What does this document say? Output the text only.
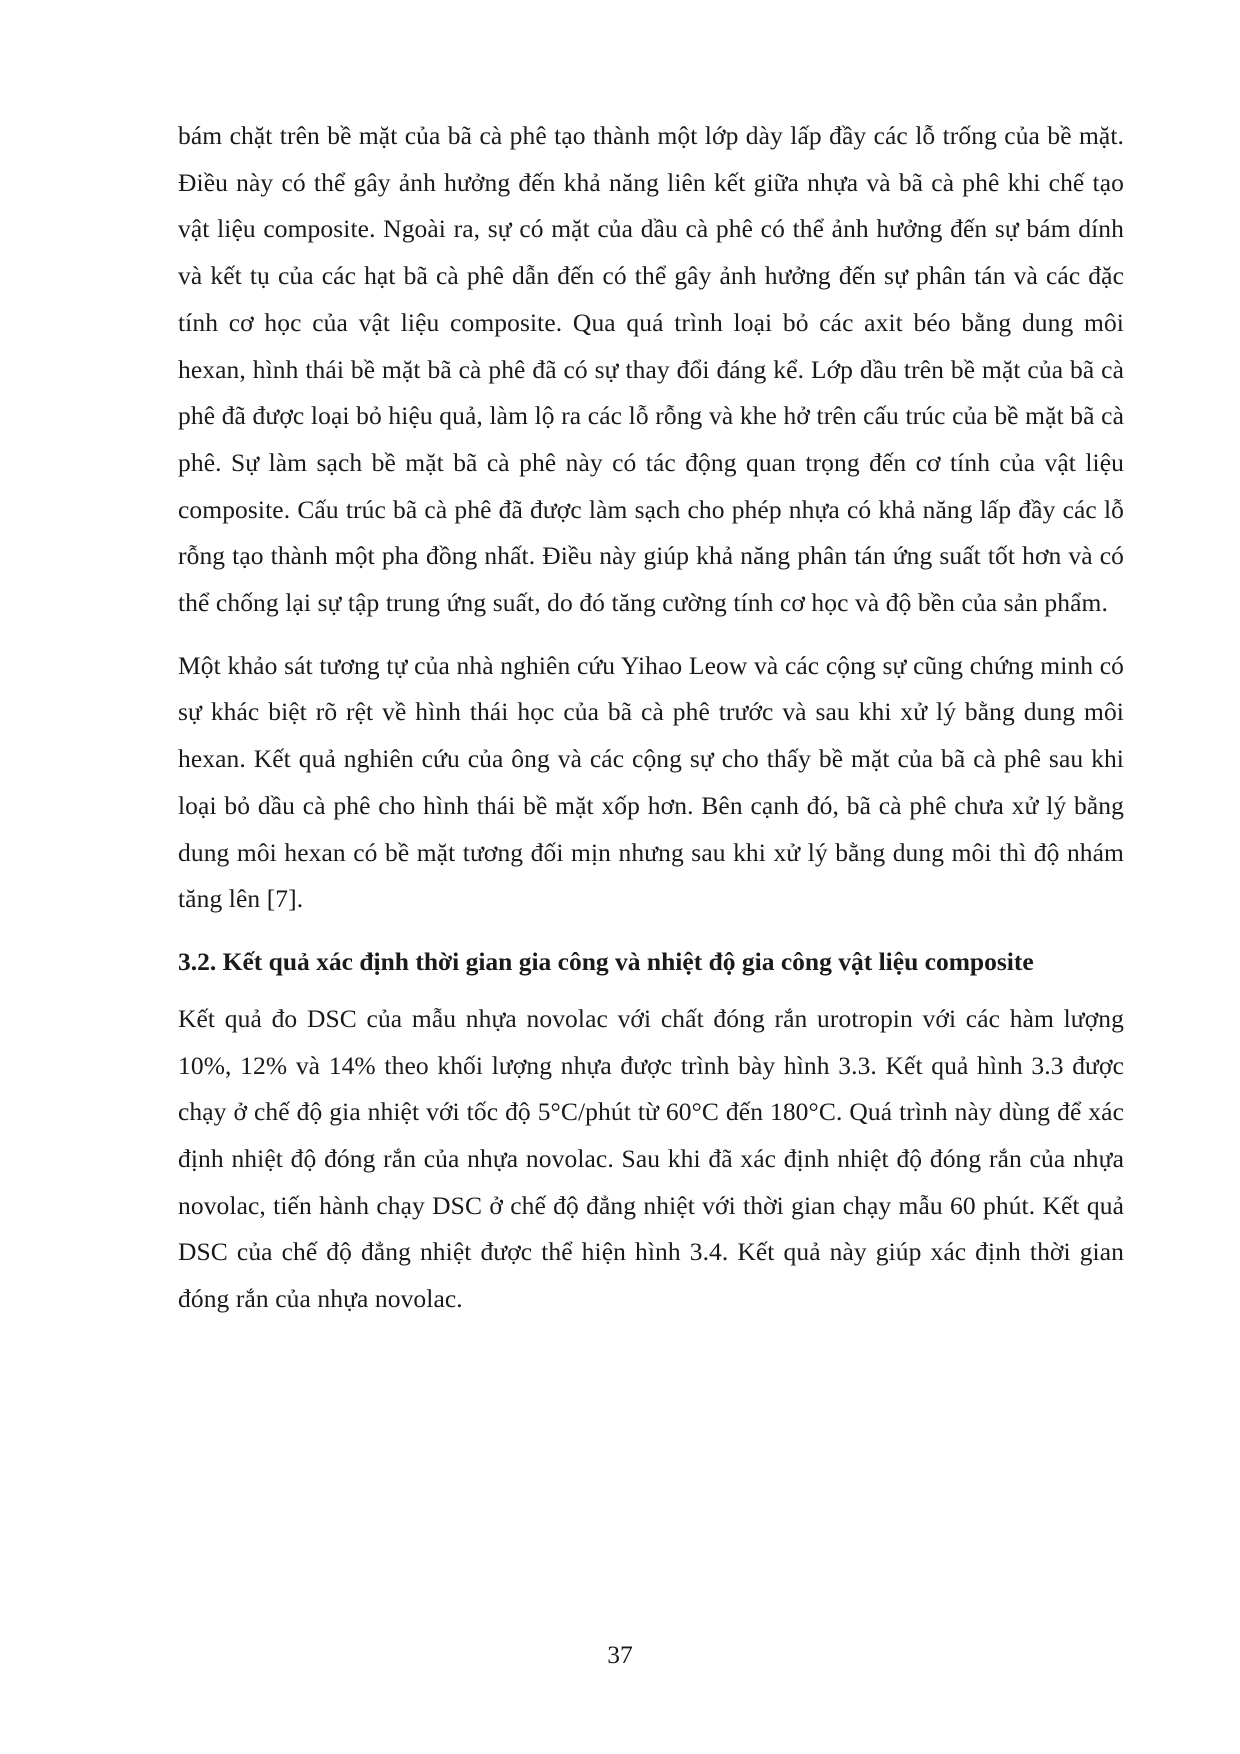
bám chặt trên bề mặt của bã cà phê tạo thành một lớp dày lấp đầy các lỗ trống của bề mặt. Điều này có thể gây ảnh hưởng đến khả năng liên kết giữa nhựa và bã cà phê khi chế tạo vật liệu composite. Ngoài ra, sự có mặt của dầu cà phê có thể ảnh hưởng đến sự bám dính và kết tụ của các hạt bã cà phê dẫn đến có thể gây ảnh hưởng đến sự phân tán và các đặc tính cơ học của vật liệu composite. Qua quá trình loại bỏ các axit béo bằng dung môi hexan, hình thái bề mặt bã cà phê đã có sự thay đổi đáng kể. Lớp dầu trên bề mặt của bã cà phê đã được loại bỏ hiệu quả, làm lộ ra các lỗ rỗng và khe hở trên cấu trúc của bề mặt bã cà phê. Sự làm sạch bề mặt bã cà phê này có tác động quan trọng đến cơ tính của vật liệu composite. Cấu trúc bã cà phê đã được làm sạch cho phép nhựa có khả năng lấp đầy các lỗ rỗng tạo thành một pha đồng nhất. Điều này giúp khả năng phân tán ứng suất tốt hơn và có thể chống lại sự tập trung ứng suất, do đó tăng cường tính cơ học và độ bền của sản phẩm.

Một khảo sát tương tự của nhà nghiên cứu Yihao Leow và các cộng sự cũng chứng minh có sự khác biệt rõ rệt về hình thái học của bã cà phê trước và sau khi xử lý bằng dung môi hexan. Kết quả nghiên cứu của ông và các cộng sự cho thấy bề mặt của bã cà phê sau khi loại bỏ dầu cà phê cho hình thái bề mặt xốp hơn. Bên cạnh đó, bã cà phê chưa xử lý bằng dung môi hexan có bề mặt tương đối mịn nhưng sau khi xử lý bằng dung môi thì độ nhám tăng lên [7].

3.2. Kết quả xác định thời gian gia công và nhiệt độ gia công vật liệu composite

Kết quả đo DSC của mẫu nhựa novolac với chất đóng rắn urotropin với các hàm lượng 10%, 12% và 14% theo khối lượng nhựa được trình bày hình 3.3. Kết quả hình 3.3 được chạy ở chế độ gia nhiệt với tốc độ 5°C/phút từ 60°C đến 180°C. Quá trình này dùng để xác định nhiệt độ đóng rắn của nhựa novolac. Sau khi đã xác định nhiệt độ đóng rắn của nhựa novolac, tiến hành chạy DSC ở chế độ đẳng nhiệt với thời gian chạy mẫu 60 phút. Kết quả DSC của chế độ đẳng nhiệt được thể hiện hình 3.4. Kết quả này giúp xác định thời gian đóng rắn của nhựa novolac.

37
